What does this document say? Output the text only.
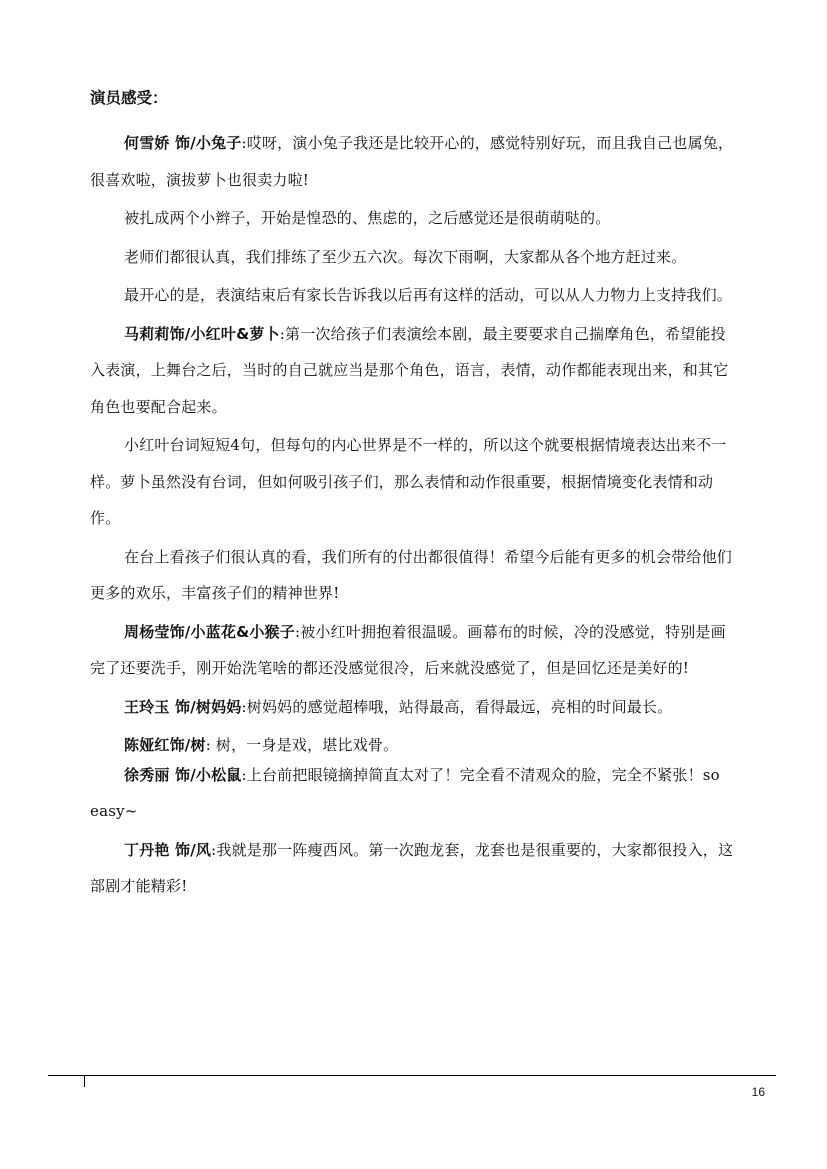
演员感受：

何雪娇 饰/小兔子:哎呀，演小兔子我还是比较开心的，感觉特别好玩，而且我自己也属兔，很喜欢啦，演拔萝卜也很卖力啦!

被扎成两个小辫子，开始是惶恐的、焦虑的，之后感觉还是很萌萌哒的。

老师们都很认真，我们排练了至少五六次。每次下雨啊，大家都从各个地方赶过来。

最开心的是，表演结束后有家长告诉我以后再有这样的活动，可以从人力物力上支持我们。

马莉莉饰/小红叶&萝卜:第一次给孩子们表演绘本剧，最主要要求自己揣摩角色，希望能投入表演，上舞台之后，当时的自己就应当是那个角色，语言，表情，动作都能表现出来，和其它角色也要配合起来。

小红叶台词短短4句，但每句的内心世界是不一样的，所以这个就要根据情境表达出来不一样。萝卜虽然没有台词，但如何吸引孩子们，那么表情和动作很重要，根据情境变化表情和动作。

在台上看孩子们很认真的看，我们所有的付出都很值得！希望今后能有更多的机会带给他们更多的欢乐，丰富孩子们的精神世界!

周杨莹饰/小蓝花&小猴子:被小红叶拥抱着很温暖。画幕布的时候，冷的没感觉，特别是画完了还要洗手，刚开始洗笔啥的都还没感觉很冷，后来就没感觉了，但是回忆还是美好的!

王玲玉 饰/树妈妈:树妈妈的感觉超棒哦，站得最高，看得最远，亮相的时间最长。

陈娅红饰/树: 树，一身是戏，堪比戏骨。

徐秀丽 饰/小松鼠:上台前把眼镜摘掉简直太对了！完全看不清观众的脸，完全不紧张！so easy~

丁丹艳 饰/风:我就是那一阵瘦西风。第一次跑龙套，龙套也是很重要的，大家都很投入，这部剧才能精彩!

16
